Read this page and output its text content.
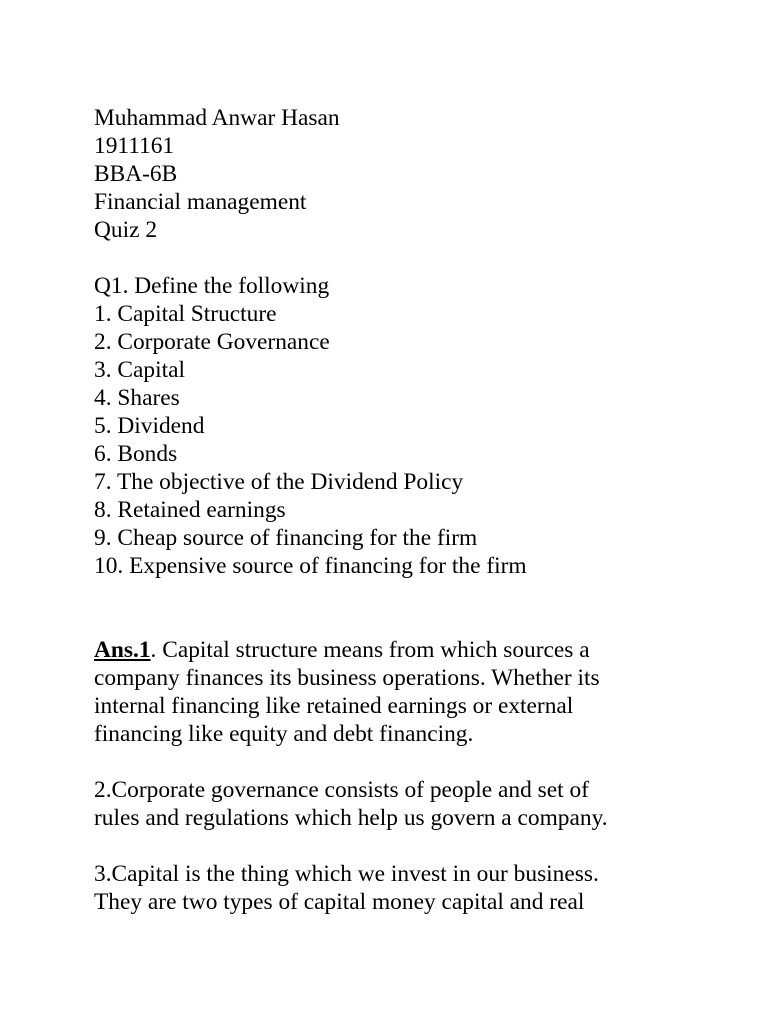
Muhammad Anwar Hasan
1911161
BBA-6B
Financial management
Quiz 2
Q1. Define the following
1. Capital Structure
2. Corporate Governance
3. Capital
4. Shares
5. Dividend
6. Bonds
7. The objective of the Dividend Policy
8. Retained earnings
9. Cheap source of financing for the firm
10. Expensive source of financing for the firm
Ans.1. Capital structure means from which sources a
company finances its business operations. Whether its
internal financing like retained earnings or external
financing like equity and debt financing.
2.Corporate governance consists of people and set of
rules and regulations which help us govern a company.
3.Capital is the thing which we invest in our business.
They are two types of capital money capital and real
